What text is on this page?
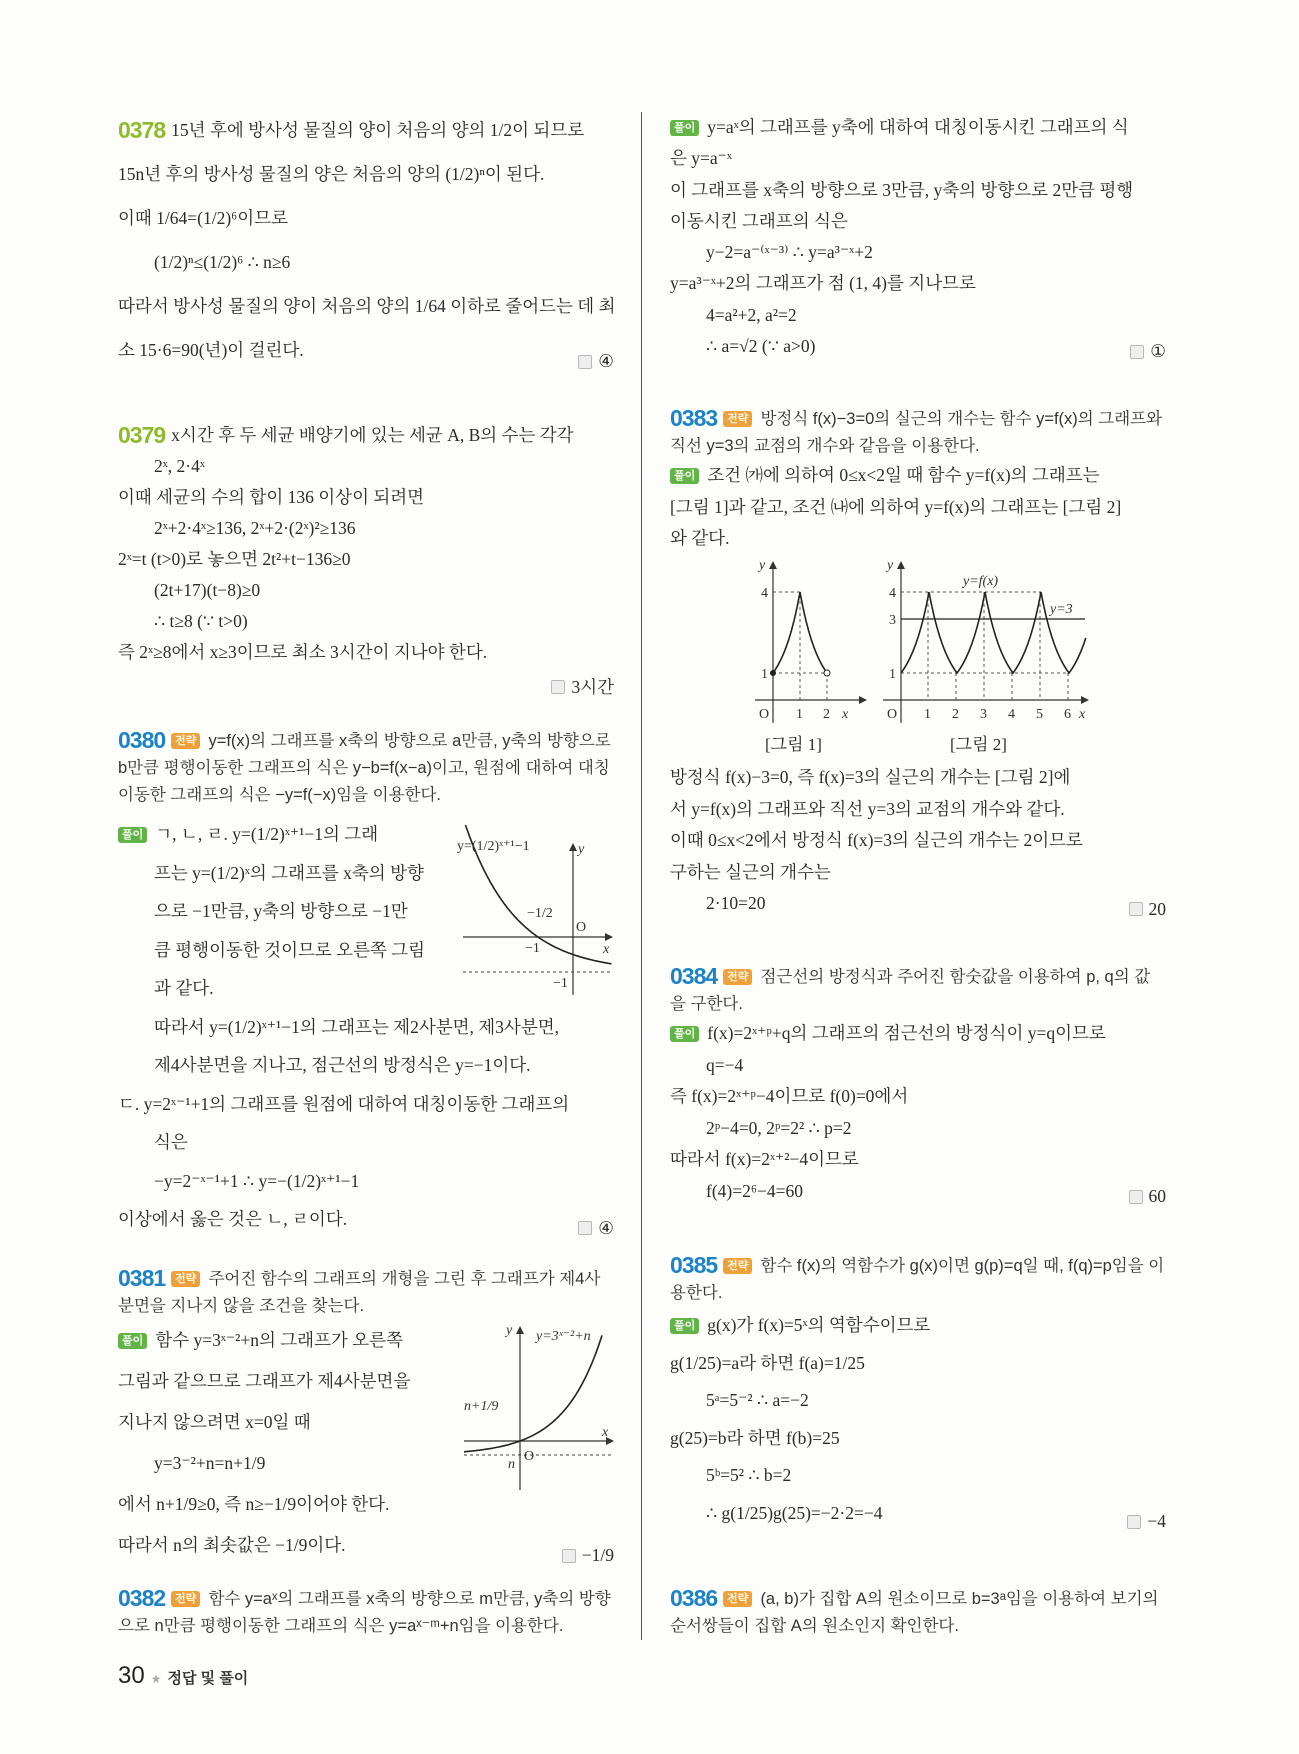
0378 15년 후에 방사성 물질의 양이 처음의 양의 1/2이 되므로
15n년 후의 방사성 물질의 양은 처음의 양의 (1/2)ⁿ이 된다.
이때 1/64=(1/2)⁶이므로
(1/2)ⁿ≤(1/2)⁶ ∴ n≥6
따라서 방사성 물질의 양이 처음의 양의 1/64 이하로 줄어드는 데 최
소 15·6=90(년)이 걸린다.
④
0379 x시간 후 두 세균 배양기에 있는 세균 A, B의 수는 각각
2ˣ, 2·4ˣ
이때 세균의 수의 합이 136 이상이 되려면
2ˣ+2·4ˣ≥136, 2ˣ+2·(2ˣ)²≥136
2ˣ=t (t>0)로 놓으면 2t²+t−136≥0
(2t+17)(t−8)≥0
∴ t≥8 (∵ t>0)
즉 2ˣ≥8에서 x≥3이므로 최소 3시간이 지나야 한다.

3시간
0380 전략 y=f(x)의 그래프를 x축의 방향으로 a만큼, y축의 방향으로 b만큼 평행이동한 그래프의 식은 y−b=f(x−a)이고, 원점에 대하여 대칭이동한 그래프의 식은 −y=f(−x)임을 이용한다.
풀이 ㄱ, ㄴ, ㄹ. y=(1/2)ˣ⁺¹−1의 그래
프는 y=(1/2)ˣ의 그래프를 x축의 방향
으로 −1만큼, y축의 방향으로 −1만
큼 평행이동한 것이므로 오른쪽 그림
과 같다.
따라서 y=(1/2)ˣ⁺¹−1의 그래프는 제2사분면, 제3사분면,
제4사분면을 지나고, 점근선의 방정식은 y=−1이다.
ㄷ. y=2ˣ⁻¹+1의 그래프를 원점에 대하여 대칭이동한 그래프의
식은
−y=2⁻ˣ⁻¹+1 ∴ y=−(1/2)ˣ⁺¹−1
이상에서 옳은 것은 ㄴ, ㄹ이다.	④
y=(1/2)ˣ⁺¹−1	y
x
O
−1/2
−1
−1
0381 전략 주어진 함수의 그래프의 개형을 그린 후 그래프가 제4사분면을 지나지 않을 조건을 찾는다.
풀이 함수 y=3ˣ⁻²+n의 그래프가 오른쪽
그림과 같으므로 그래프가 제4사분면을
지나지 않으려면 x=0일 때
y=3⁻²+n=n+1/9
에서 n+1/9≥0, 즉 n≥−1/9이어야 한다.
따라서 n의 최솟값은 −1/9이다.	−1/9
y y=3ˣ⁻²+n
n+1/9
x
O
n
0382 전략 함수 y=aˣ의 그래프를 x축의 방향으로 m만큼, y축의 방향으로 n만큼 평행이동한 그래프의 식은 y=aˣ⁻ᵐ+n임을 이용한다.
풀이 y=aˣ의 그래프를 y축에 대하여 대칭이동시킨 그래프의 식
은 y=a⁻ˣ
이 그래프를 x축의 방향으로 3만큼, y축의 방향으로 2만큼 평행
이동시킨 그래프의 식은
y−2=a⁻⁽ˣ⁻³⁾ ∴ y=a³⁻ˣ+2
y=a³⁻ˣ+2의 그래프가 점 (1, 4)를 지나므로
4=a²+2, a²=2
∴ a=√2 (∵ a>0)	①
0383 전략 방정식 f(x)−3=0의 실근의 개수는 함수 y=f(x)의 그래프와 직선 y=3의 교점의 개수와 같음을 이용한다.
풀이 조건 ㈎에 의하여 0≤x<2일 때 함수 y=f(x)의 그래프는
[그림 1]과 같고, 조건 ㈏에 의하여 y=f(x)의 그래프는 [그림 2]
와 같다.
y
4
1
O 1 2 x
y
4
3
1
O 1 2 3 4 5 6 x
y=f(x)
y=3
[그림 1]	[그림 2]
방정식 f(x)−3=0, 즉 f(x)=3의 실근의 개수는 [그림 2]에
서 y=f(x)의 그래프와 직선 y=3의 교점의 개수와 같다.
이때 0≤x<2에서 방정식 f(x)=3의 실근의 개수는 2이므로
구하는 실근의 개수는
2·10=20	20
0384 전략 점근선의 방정식과 주어진 함숫값을 이용하여 p, q의 값을 구한다.
풀이 f(x)=2ˣ⁺ᵖ+q의 그래프의 점근선의 방정식이 y=q이므로
q=−4
즉 f(x)=2ˣ⁺ᵖ−4이므로 f(0)=0에서
2ᵖ−4=0, 2ᵖ=2² ∴ p=2
따라서 f(x)=2ˣ⁺²−4이므로
f(4)=2⁶−4=60	60
0385 전략 함수 f(x)의 역함수가 g(x)이면 g(p)=q일 때, f(q)=p임을 이용한다.
풀이 g(x)가 f(x)=5ˣ의 역함수이므로
g(1/25)=a라 하면 f(a)=1/25
5ᵃ=5⁻² ∴ a=−2
g(25)=b라 하면 f(b)=25
5ᵇ=5² ∴ b=2
∴ g(1/25)g(25)=−2·2=−4	−4
0386 전략 (a, b)가 집합 A의 원소이므로 b=3ᵃ임을 이용하여 보기의 순서쌍들이 집합 A의 원소인지 확인한다.
30 ★ 정답 및 풀이
